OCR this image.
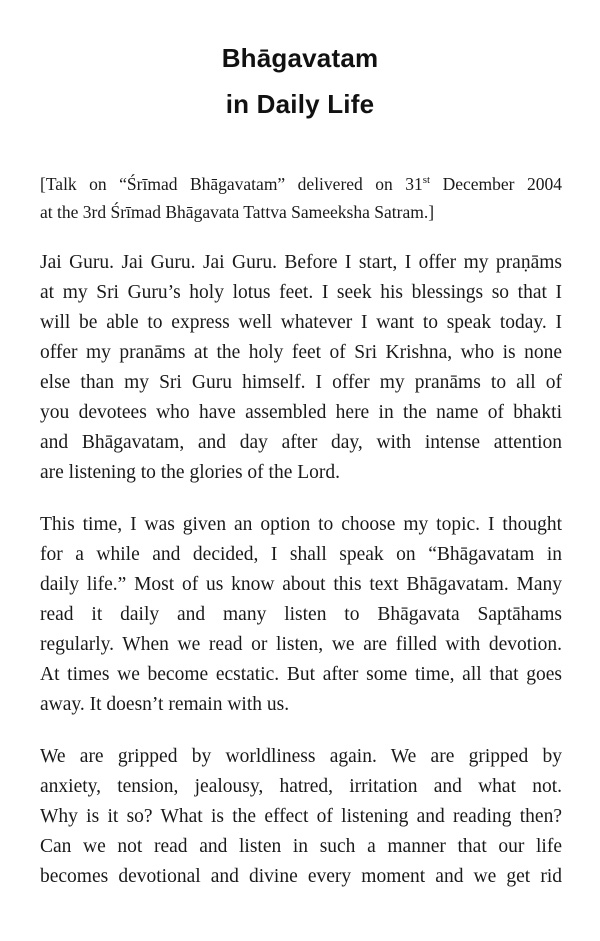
Bhāgavatam
in Daily Life
[Talk on “Śrīmad Bhāgavatam” delivered on 31st December 2004
at the 3rd Śrīmad Bhāgavata Tattva Sameeksha Satram.]
Jai Guru. Jai Guru. Jai Guru. Before I start, I offer my praṇāms
at my Sri Guru’s holy lotus feet. I seek his blessings so that I
will be able to express well whatever I want to speak today. I
offer my pranāms at the holy feet of Sri Krishna, who is none
else than my Sri Guru himself. I offer my pranāms to all of
you devotees who have assembled here in the name of bhakti
and Bhāgavatam, and day after day, with intense attention
are listening to the glories of the Lord.
This time, I was given an option to choose my topic. I thought
for a while and decided, I shall speak on “Bhāgavatam in
daily life.” Most of us know about this text Bhāgavatam. Many
read it daily and many listen to Bhāgavata Saptāhams
regularly. When we read or listen, we are filled with devotion.
At times we become ecstatic. But after some time, all that goes
away. It doesn’t remain with us.
We are gripped by worldliness again. We are gripped by
anxiety, tension, jealousy, hatred, irritation and what not.
Why is it so? What is the effect of listening and reading then?
Can we not read and listen in such a manner that our life
becomes devotional and divine every moment and we get rid
